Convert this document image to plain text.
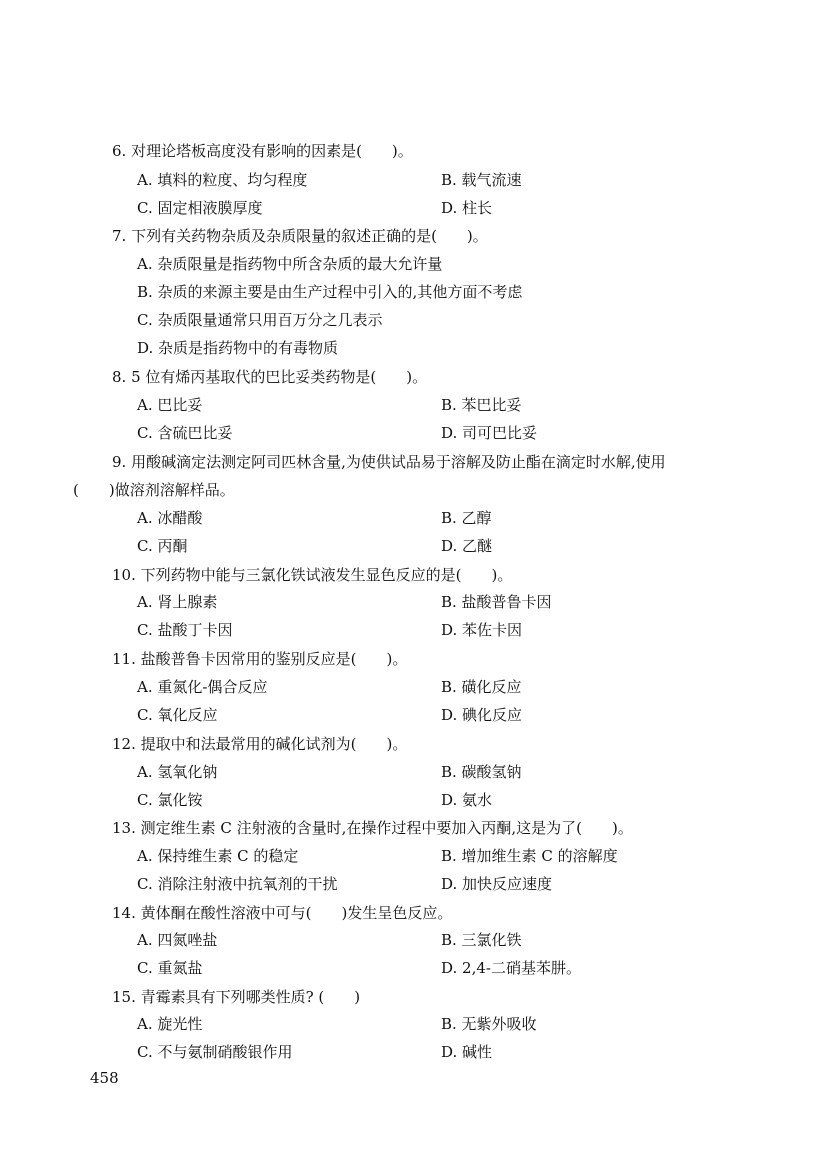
6. 对理论塔板高度没有影响的因素是(　　)。
A. 填料的粒度、均匀程度	B. 载气流速
C. 固定相液膜厚度	D. 柱长
7. 下列有关药物杂质及杂质限量的叙述正确的是(　　)。
A. 杂质限量是指药物中所含杂质的最大允许量
B. 杂质的来源主要是由生产过程中引入的,其他方面不考虑
C. 杂质限量通常只用百万分之几表示
D. 杂质是指药物中的有毒物质
8. 5 位有烯丙基取代的巴比妥类药物是(　　)。
A. 巴比妥	B. 苯巴比妥
C. 含硫巴比妥	D. 司可巴比妥
9. 用酸碱滴定法测定阿司匹林含量,为使供试品易于溶解及防止酯在滴定时水解,使用
(　　)做溶剂溶解样品。
A. 冰醋酸	B. 乙醇
C. 丙酮	D. 乙醚
10. 下列药物中能与三氯化铁试液发生显色反应的是(　　)。
A. 肾上腺素	B. 盐酸普鲁卡因
C. 盐酸丁卡因	D. 苯佐卡因
11. 盐酸普鲁卡因常用的鉴别反应是(　　)。
A. 重氮化-偶合反应	B. 磺化反应
C. 氧化反应	D. 碘化反应
12. 提取中和法最常用的碱化试剂为(　　)。
A. 氢氧化钠	B. 碳酸氢钠
C. 氯化铵	D. 氨水
13. 测定维生素 C 注射液的含量时,在操作过程中要加入丙酮,这是为了(　　)。
A. 保持维生素 C 的稳定	B. 增加维生素 C 的溶解度
C. 消除注射液中抗氧剂的干扰	D. 加快反应速度
14. 黄体酮在酸性溶液中可与(　　)发生呈色反应。
A. 四氮唑盐	B. 三氯化铁
C. 重氮盐	D. 2,4-二硝基苯肼。
15. 青霉素具有下列哪类性质? (　　)
A. 旋光性	B. 无紫外吸收
C. 不与氨制硝酸银作用	D. 碱性
458
